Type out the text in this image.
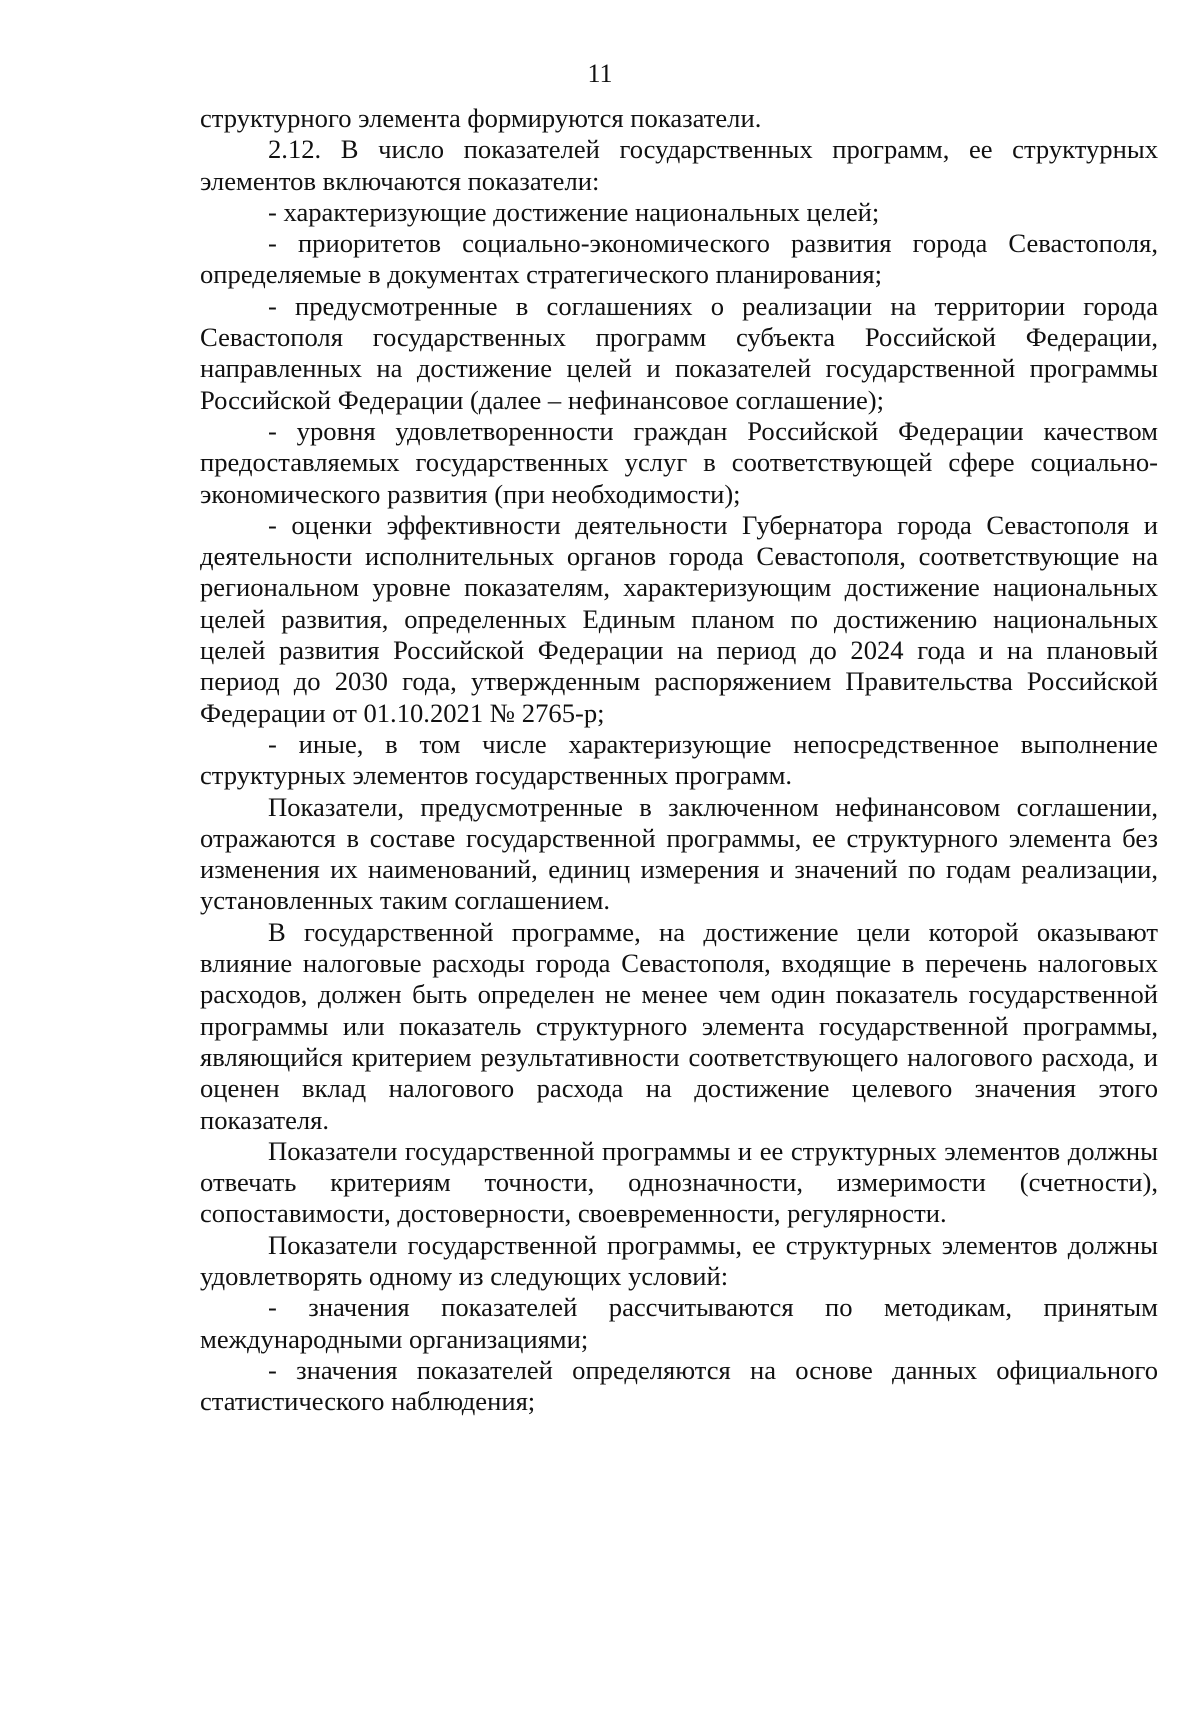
11

структурного элемента формируются показатели.

2.12. В число показателей государственных программ, ее структурных элементов включаются показатели:

- характеризующие достижение национальных целей;

- приоритетов социально-экономического развития города Севастополя, определяемые в документах стратегического планирования;

- предусмотренные в соглашениях о реализации на территории города Севастополя государственных программ субъекта Российской Федерации, направленных на достижение целей и показателей государственной программы Российской Федерации (далее – нефинансовое соглашение);

- уровня удовлетворенности граждан Российской Федерации качеством предоставляемых государственных услуг в соответствующей сфере социально-экономического развития (при необходимости);

- оценки эффективности деятельности Губернатора города Севастополя и деятельности исполнительных органов города Севастополя, соответствующие на региональном уровне показателям, характеризующим достижение национальных целей развития, определенных Единым планом по достижению национальных целей развития Российской Федерации на период до 2024 года и на плановый период до 2030 года, утвержденным распоряжением Правительства Российской Федерации от 01.10.2021 № 2765-р;

- иные, в том числе характеризующие непосредственное выполнение структурных элементов государственных программ.

Показатели, предусмотренные в заключенном нефинансовом соглашении, отражаются в составе государственной программы, ее структурного элемента без изменения их наименований, единиц измерения и значений по годам реализации, установленных таким соглашением.

В государственной программе, на достижение цели которой оказывают влияние налоговые расходы города Севастополя, входящие в перечень налоговых расходов, должен быть определен не менее чем один показатель государственной программы или показатель структурного элемента государственной программы, являющийся критерием результативности соответствующего налогового расхода, и оценен вклад налогового расхода на достижение целевого значения этого показателя.

Показатели государственной программы и ее структурных элементов должны отвечать критериям точности, однозначности, измеримости (счетности), сопоставимости, достоверности, своевременности, регулярности.

Показатели государственной программы, ее структурных элементов должны удовлетворять одному из следующих условий:

- значения показателей рассчитываются по методикам, принятым международными организациями;

- значения показателей определяются на основе данных официального статистического наблюдения;
